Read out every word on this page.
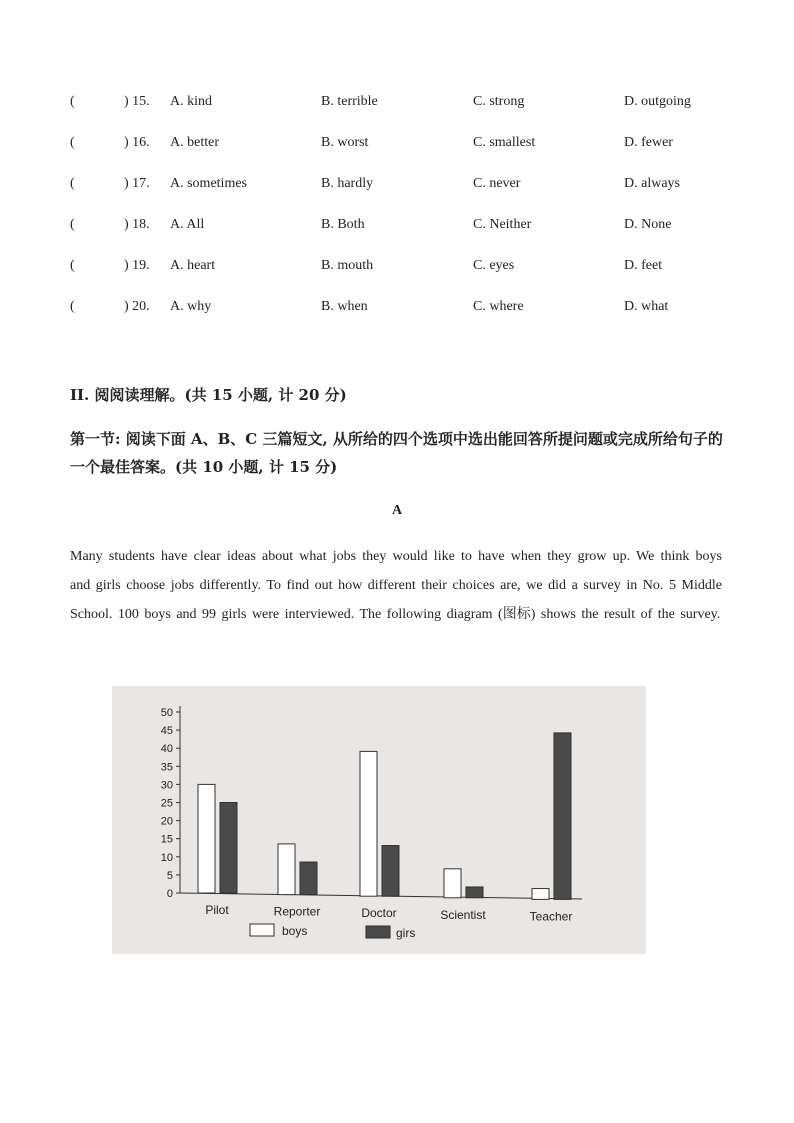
(		) 15.	A. kind	B. terrible	C. strong	D. outgoing
(		) 16.	A. better	B. worst	C. smallest	D. fewer
(		) 17.	A. sometimes	B. hardly	C. never	D. always
(		) 18.	A. All	B. Both	C. Neither	D. None
(		) 19.	A. heart	B. mouth	C. eyes	D. feet
(		) 20.	A. why	B. when	C. where	D. what
II. 阅阅读理解。(共 15 小题, 计 20 分)
第一节: 阅读下面 A、B、C 三篇短文, 从所给的四个选项中选出能回答所提问题或完成所给句子的一个最佳答案。(共 10 小题, 计 15 分)
A
Many students have clear ideas about what jobs they would like to have when they grow up. We think boys and girls choose jobs differently. To find out how different their choices are, we did a survey in No. 5 Middle School. 100 boys and 99 girls were interviewed. The following diagram (图标) shows the result of the survey.
0
5
10
15
20
25
30
35
40
45
50
Pilot	Reporter	Doctor	Scientist	Teacher
boys	girs
